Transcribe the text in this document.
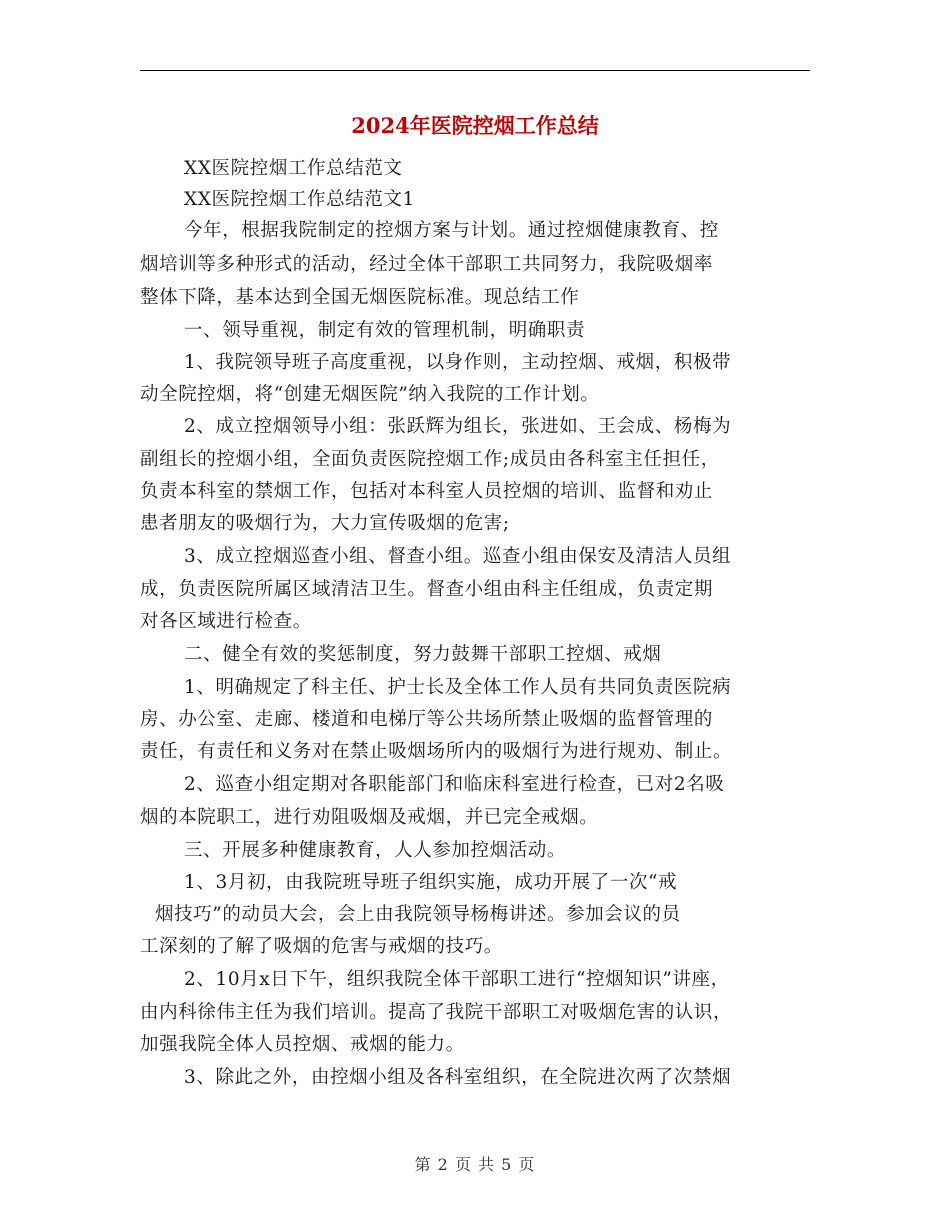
2024年医院控烟工作总结
XX医院控烟工作总结范文
XX医院控烟工作总结范文1
今年，根据我院制定的控烟方案与计划。通过控烟健康教育、控
烟培训等多种形式的活动，经过全体干部职工共同努力，我院吸烟率
整体下降，基本达到全国无烟医院标准。现总结工作
一、领导重视，制定有效的管理机制，明确职责
1、我院领导班子高度重视，以身作则，主动控烟、戒烟，积极带
动全院控烟，将“创建无烟医院”纳入我院的工作计划。
2、成立控烟领导小组：张跃辉为组长，张进如、王会成、杨梅为
副组长的控烟小组，全面负责医院控烟工作;成员由各科室主任担任，
负责本科室的禁烟工作，包括对本科室人员控烟的培训、监督和劝止
患者朋友的吸烟行为，大力宣传吸烟的危害;
3、成立控烟巡查小组、督查小组。巡查小组由保安及清洁人员组
成，负责医院所属区域清洁卫生。督查小组由科主任组成，负责定期
对各区域进行检查。
二、健全有效的奖惩制度，努力鼓舞干部职工控烟、戒烟
1、明确规定了科主任、护士长及全体工作人员有共同负责医院病
房、办公室、走廊、楼道和电梯厅等公共场所禁止吸烟的监督管理的
责任，有责任和义务对在禁止吸烟场所内的吸烟行为进行规劝、制止。
2、巡查小组定期对各职能部门和临床科室进行检查，已对2名吸
烟的本院职工，进行劝阻吸烟及戒烟，并已完全戒烟。
三、开展多种健康教育，人人参加控烟活动。
1、3月初，由我院班导班子组织实施，成功开展了一次“戒
烟技巧”的动员大会，会上由我院领导杨梅讲述。参加会议的员
工深刻的了解了吸烟的危害与戒烟的技巧。
2、10月x日下午，组织我院全体干部职工进行“控烟知识”讲座，
由内科徐伟主任为我们培训。提高了我院干部职工对吸烟危害的认识，
加强我院全体人员控烟、戒烟的能力。
3、除此之外，由控烟小组及各科室组织，在全院进次两了次禁烟
第 2 页 共 5 页
